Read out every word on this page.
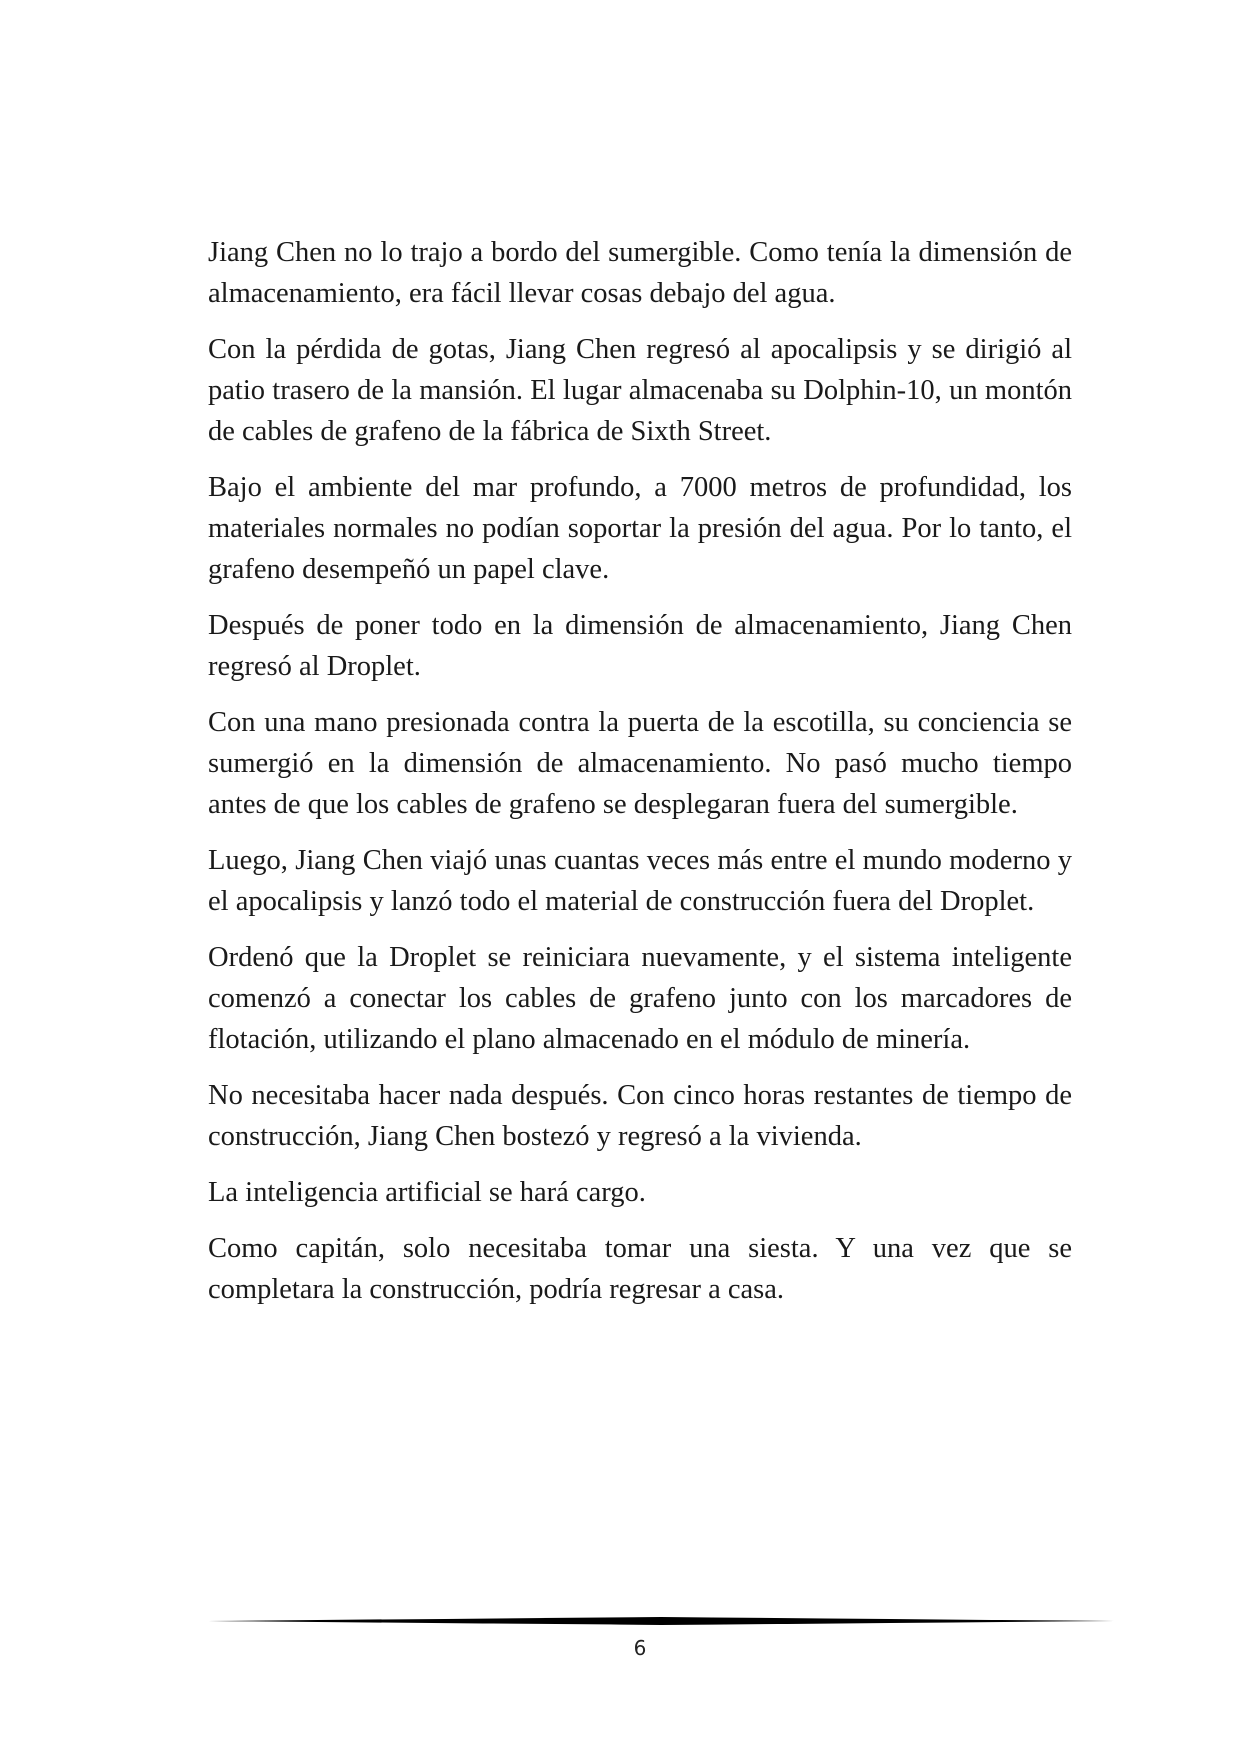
Jiang Chen no lo trajo a bordo del sumergible. Como tenía la dimensión de almacenamiento, era fácil llevar cosas debajo del agua.

Con la pérdida de gotas, Jiang Chen regresó al apocalipsis y se dirigió al patio trasero de la mansión. El lugar almacenaba su Dolphin-10, un montón de cables de grafeno de la fábrica de Sixth Street.

Bajo el ambiente del mar profundo, a 7000 metros de profundidad, los materiales normales no podían soportar la presión del agua. Por lo tanto, el grafeno desempeñó un papel clave.

Después de poner todo en la dimensión de almacenamiento, Jiang Chen regresó al Droplet.

Con una mano presionada contra la puerta de la escotilla, su conciencia se sumergió en la dimensión de almacenamiento. No pasó mucho tiempo antes de que los cables de grafeno se desplegaran fuera del sumergible.

Luego, Jiang Chen viajó unas cuantas veces más entre el mundo moderno y el apocalipsis y lanzó todo el material de construcción fuera del Droplet.

Ordenó que la Droplet se reiniciara nuevamente, y el sistema inteligente comenzó a conectar los cables de grafeno junto con los marcadores de flotación, utilizando el plano almacenado en el módulo de minería.

No necesitaba hacer nada después. Con cinco horas restantes de tiempo de construcción, Jiang Chen bostezó y regresó a la vivienda.

La inteligencia artificial se hará cargo.

Como capitán, solo necesitaba tomar una siesta. Y una vez que se completara la construcción, podría regresar a casa.

6
